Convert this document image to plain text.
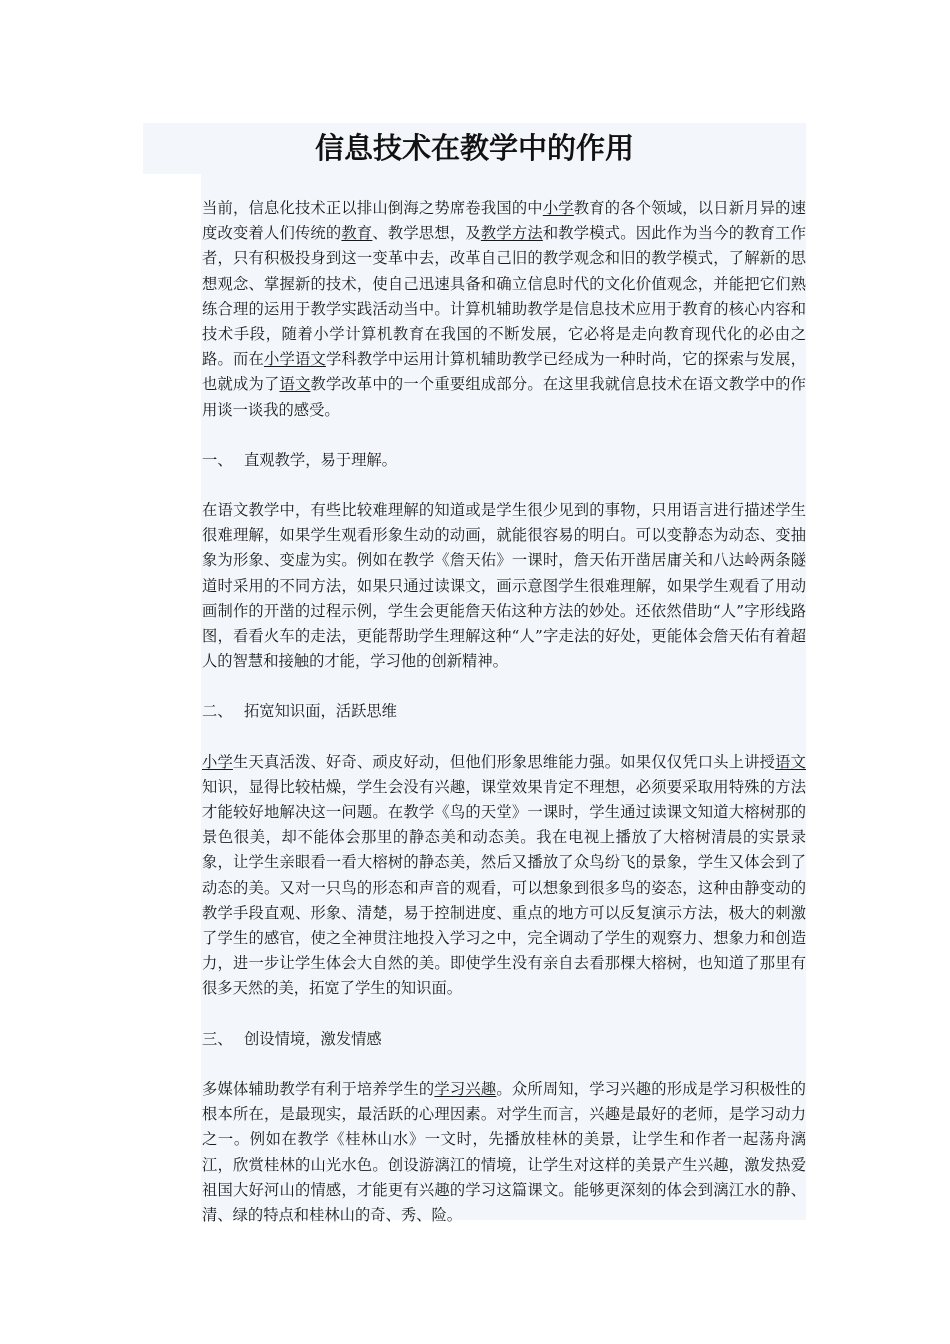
信息技术在教学中的作用

当前，信息化技术正以排山倒海之势席卷我国的中小学教育的各个领域，以日新月异的速度改变着人们传统的教育、教学思想，及教学方法和教学模式。因此作为当今的教育工作者，只有积极投身到这一变革中去，改革自己旧的教学观念和旧的教学模式，了解新的思想观念、掌握新的技术，使自己迅速具备和确立信息时代的文化价值观念，并能把它们熟练合理的运用于教学实践活动当中。计算机辅助教学是信息技术应用于教育的核心内容和技术手段，随着小学计算机教育在我国的不断发展，它必将是走向教育现代化的必由之路。而在小学语文学科教学中运用计算机辅助教学已经成为一种时尚，它的探索与发展，也就成为了语文教学改革中的一个重要组成部分。在这里我就信息技术在语文教学中的作用谈一谈我的感受。

一、 直观教学，易于理解。

在语文教学中，有些比较难理解的知道或是学生很少见到的事物，只用语言进行描述学生很难理解，如果学生观看形象生动的动画，就能很容易的明白。可以变静态为动态、变抽象为形象、变虚为实。例如在教学《詹天佑》一课时，詹天佑开凿居庸关和八达岭两条隧道时采用的不同方法，如果只通过读课文，画示意图学生很难理解，如果学生观看了用动画制作的开凿的过程示例，学生会更能詹天佑这种方法的妙处。还依然借助“人”字形线路图，看看火车的走法，更能帮助学生理解这种“人”字走法的好处，更能体会詹天佑有着超人的智慧和接触的才能，学习他的创新精神。

二、 拓宽知识面，活跃思维

小学生天真活泼、好奇、顽皮好动，但他们形象思维能力强。如果仅仅凭口头上讲授语文知识，显得比较枯燥，学生会没有兴趣，课堂效果肯定不理想，必须要采取用特殊的方法才能较好地解决这一问题。在教学《鸟的天堂》一课时，学生通过读课文知道大榕树那的景色很美，却不能体会那里的静态美和动态美。我在电视上播放了大榕树清晨的实景录象，让学生亲眼看一看大榕树的静态美，然后又播放了众鸟纷飞的景象，学生又体会到了动态的美。又对一只鸟的形态和声音的观看，可以想象到很多鸟的姿态，这种由静变动的教学手段直观、形象、清楚，易于控制进度、重点的地方可以反复演示方法，极大的刺激了学生的感官，使之全神贯注地投入学习之中，完全调动了学生的观察力、想象力和创造力，进一步让学生体会大自然的美。即使学生没有亲自去看那棵大榕树，也知道了那里有很多天然的美，拓宽了学生的知识面。

三、 创设情境，激发情感

多媒体辅助教学有利于培养学生的学习兴趣。众所周知，学习兴趣的形成是学习积极性的根本所在，是最现实，最活跃的心理因素。对学生而言，兴趣是最好的老师，是学习动力之一。例如在教学《桂林山水》一文时，先播放桂林的美景，让学生和作者一起荡舟漓江，欣赏桂林的山光水色。创设游漓江的情境，让学生对这样的美景产生兴趣，激发热爱祖国大好河山的情感，才能更有兴趣的学习这篇课文。能够更深刻的体会到漓江水的静、清、绿的特点和桂林山的奇、秀、险。
